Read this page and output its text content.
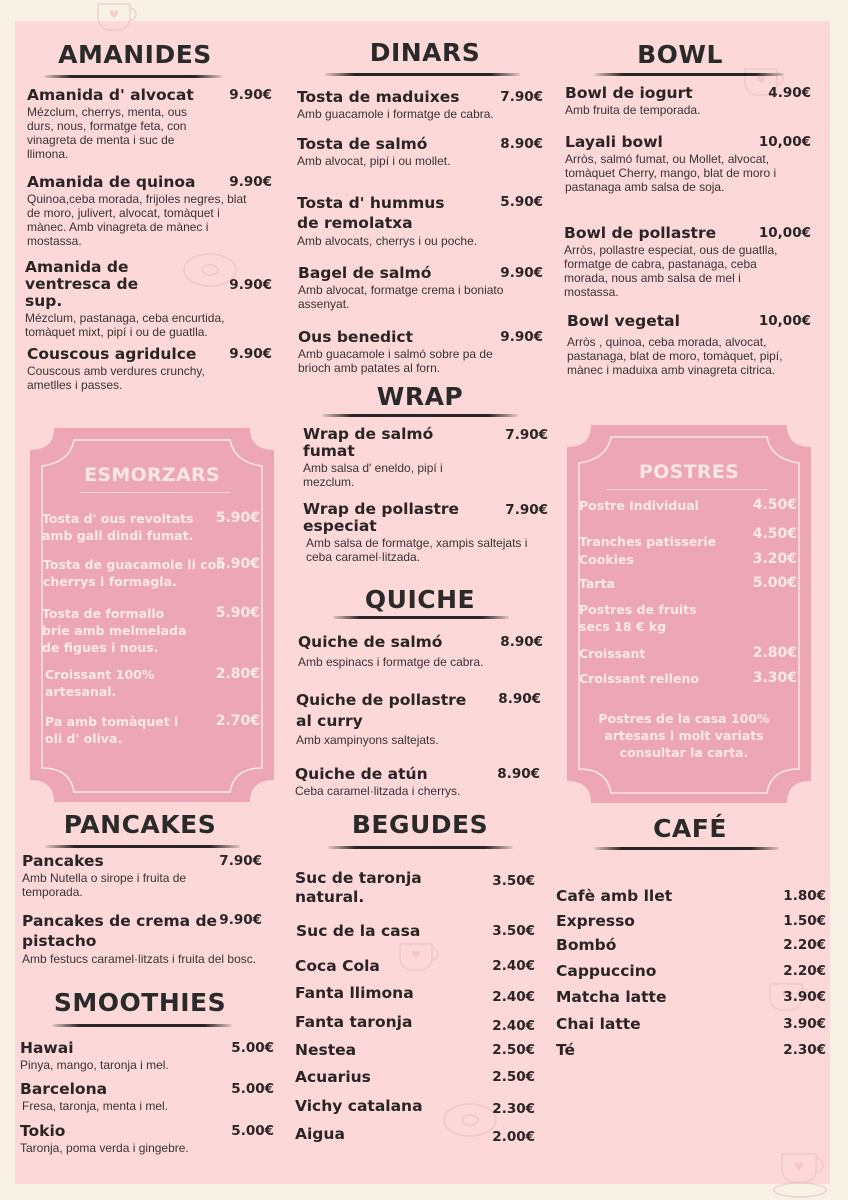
AMANIDES
Amanida d' alvocat	9.90€
Mézclum, cherrys, menta, ous durs, nous, formatge feta, con vinagreta de menta i suc de llimona.
Amanida de quinoa	9.90€
Quinoa,ceba morada, frijoles negres, blat de moro, julivert, alvocat, tomàquet i mànec. Amb vinagreta de mànec i mostassa.
Amanida de ventresca de sup.
9.90€
Mézclum, pastanaga, ceba encurtida, tomàquet mixt, pipí i ou de guatlla.
Couscous agridulce 9.90€
Couscous amb verdures crunchy, ametlles i passes.
DINARS
Tosta de maduixes	7.90€
Amb guacamole i formatge de cabra.
Tosta de salmó	8.90€
Amb alvocat, pipí i ou mollet.
Tosta d' hummus de remolatxa
5.90€
Amb alvocats, cherrys i ou poche.
Bagel de salmó	9.90€
Amb alvocat, formatge crema i boniato assenyat.
Ous benedict	9.90€
Amb guacamole i salmó sobre pa de brioch amb patates al forn.
BOWL
Bowl de iogurt	4.90€
Amb fruita de temporada.
Layali bowl	10,00€
Arròs, salmó fumat, ou Mollet, alvocat, tomàquet Cherry, mango, blat de moro i pastanaga amb salsa de soja.
Bowl de pollastre	10,00€
Arròs, pollastre especiat, ous de guatlla, formatge de cabra, pastanaga, ceba morada, nous amb salsa de mel i mostassa.
Bowl vegetal	10,00€
Arròs , quinoa, ceba morada, alvocat, pastanaga, blat de moro, tomàquet, pipí, mànec i maduixa amb vinagreta citrica.
WRAP
Wrap de salmó fumat
7.90€
Amb salsa d' eneldo, pipí i mezclum.
Wrap de pollastre especiat
7.90€
Amb salsa de formatge, xampis saltejats i ceba caramel·litzada.
QUICHE
Quiche de salmó	8.90€
Amb espinacs i formatge de cabra.
Quiche de pollastre al curry
8.90€
Amb xampinyons saltejats.
Quiche de atún	8.90€
Ceba caramel·litzada i cherrys.
ESMORZARS
Tosta d' ous revoltats amb gall dindi fumat.
5.90€
Tosta de guacamole li con cherrys i formagla.
5.90€
Tosta de formallo brie amb melmelada de figues i nous.
5.90€
Croissant 100% artesanal.
2.80€
Pa amb tomàquet i oli d' oliva.
2.70€
POSTRES
Postre Individual	4.50€
Tranches patisserie	4.50€
Cookies	3.20€
Tarta	5.00€
Postres de fruits secs 18 € kg
Croissant	2.80€
Croissant relleno	3.30€
Postres de la casa 100% artesans i molt variats consultar la carta.
PANCAKES
Pancakes	7.90€
Amb Nutella o sirope i fruita de temporada.
Pancakes de crema de pistacho
9.90€
Amb festucs caramel·litzats i fruita del bosc.
SMOOTHIES
Hawai	5.00€
Pinya, mango, taronja i mel.
Barcelona	5.00€
Fresa, taronja, menta i mel.
Tokio	5.00€
Taronja, poma verda i gingebre.
BEGUDES
Suc de taronja natural.
3.50€
Suc de la casa	3.50€
Coca Cola	2.40€
Fanta llimona	2.40€
Fanta taronja	2.40€
Nestea	2.50€
Acuarius	2.50€
Vichy catalana	2.30€
Aigua	2.00€
CAFÉ
Cafè amb llet	1.80€
Expresso	1.50€
Bombó	2.20€
Cappuccino	2.20€
Matcha latte	3.90€
Chai latte	3.90€
Té	2.30€
